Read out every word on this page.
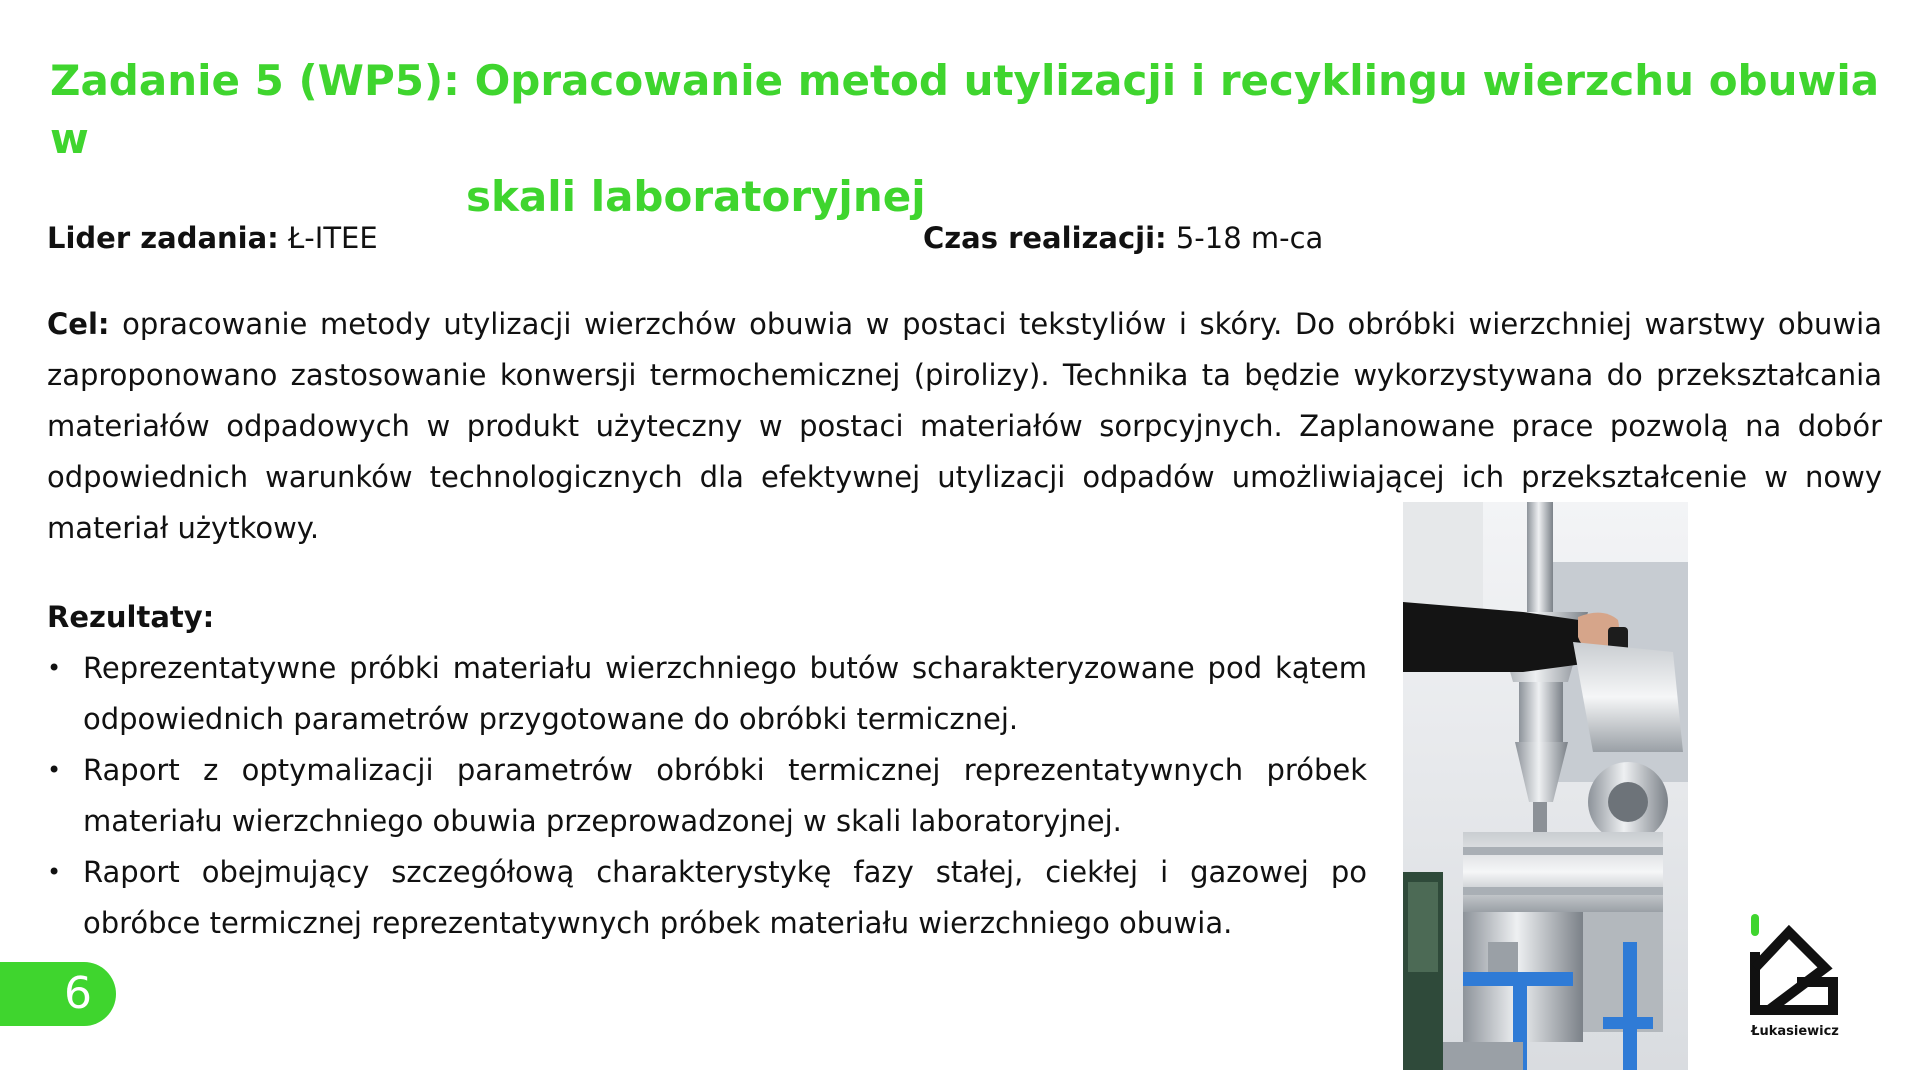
Zadanie 5 (WP5): Opracowanie metod utylizacji i recyklingu wierzchu obuwia w
skali laboratoryjnej
Lider zadania: Ł-ITEE	Czas realizacji: 5-18 m-ca

Cel: opracowanie metody utylizacji wierzchów obuwia w postaci tekstyliów i skóry. Do obróbki wierzchniej warstwy obuwia zaproponowano zastosowanie konwersji termochemicznej (pirolizy). Technika ta będzie wykorzystywana do przekształcania materiałów odpadowych w produkt użyteczny w postaci materiałów sorpcyjnych. Zaplanowane prace pozwolą na dobór odpowiednich warunków technologicznych dla efektywnej utylizacji odpadów umożliwiającej ich przekształcenie w nowy materiał użytkowy.

Rezultaty:
• Reprezentatywne próbki materiału wierzchniego butów scharakteryzowane pod kątem odpowiednich parametrów przygotowane do obróbki termicznej.
• Raport z optymalizacji parametrów obróbki termicznej reprezentatywnych próbek materiału wierzchniego obuwia przeprowadzonej w skali laboratoryjnej.
• Raport obejmujący szczegółową charakterystykę fazy stałej, ciekłej i gazowej po obróbce termicznej reprezentatywnych próbek materiału wierzchniego obuwia.
6
Łukasiewicz
